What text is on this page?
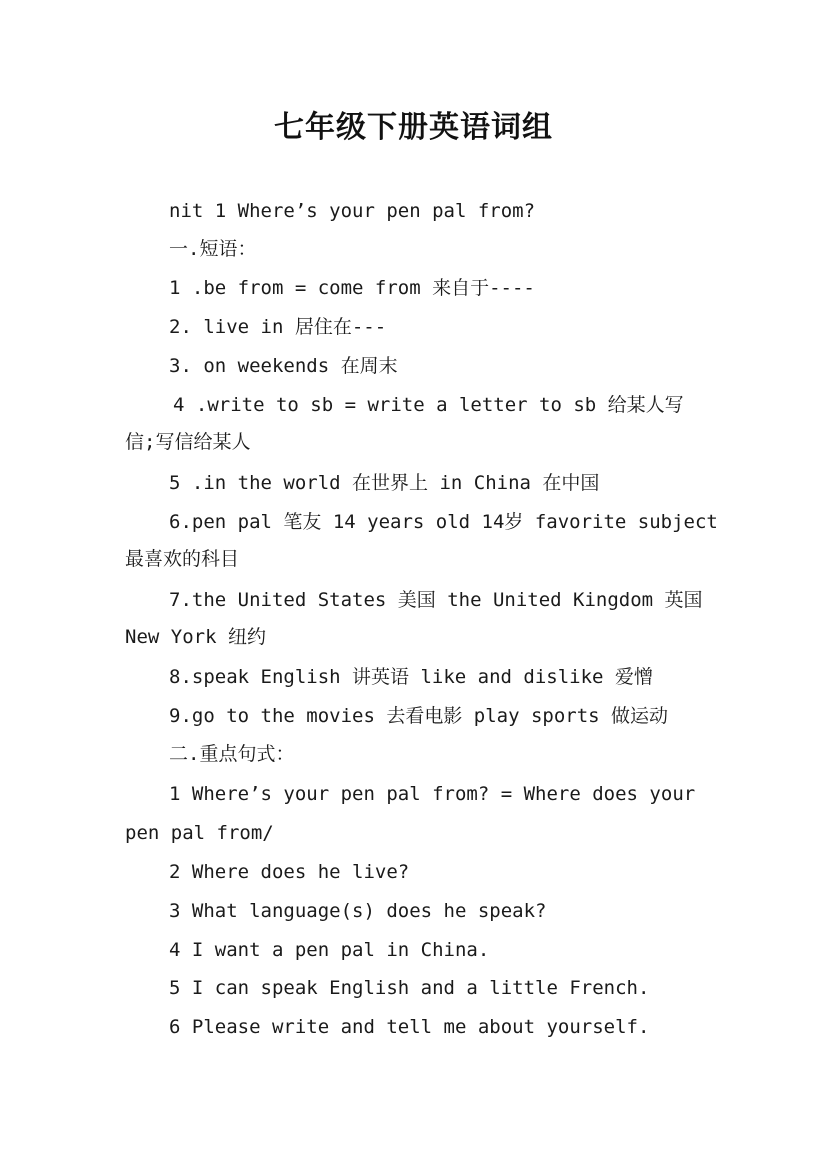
七年级下册英语词组
nit 1 Where’s your pen pal from?
一.短语：
1 .be from = come from 来自于----
2. live in 居住在---
3. on weekends 在周末
4 .write to sb = write a letter to sb 给某人写
信;写信给某人
5 .in the world 在世界上 in China 在中国
6.pen pal 笔友 14 years old 14岁 favorite subject
最喜欢的科目
7.the United States 美国 the United Kingdom 英国
New York 纽约
8.speak English 讲英语 like and dislike 爱憎
9.go to the movies 去看电影 play sports 做运动
二.重点句式：
1 Where’s your pen pal from? = Where does your
pen pal from/
2 Where does he live?
3 What language(s) does he speak?
4 I want a pen pal in China.
5 I can speak English and a little French.
6 Please write and tell me about yourself.
